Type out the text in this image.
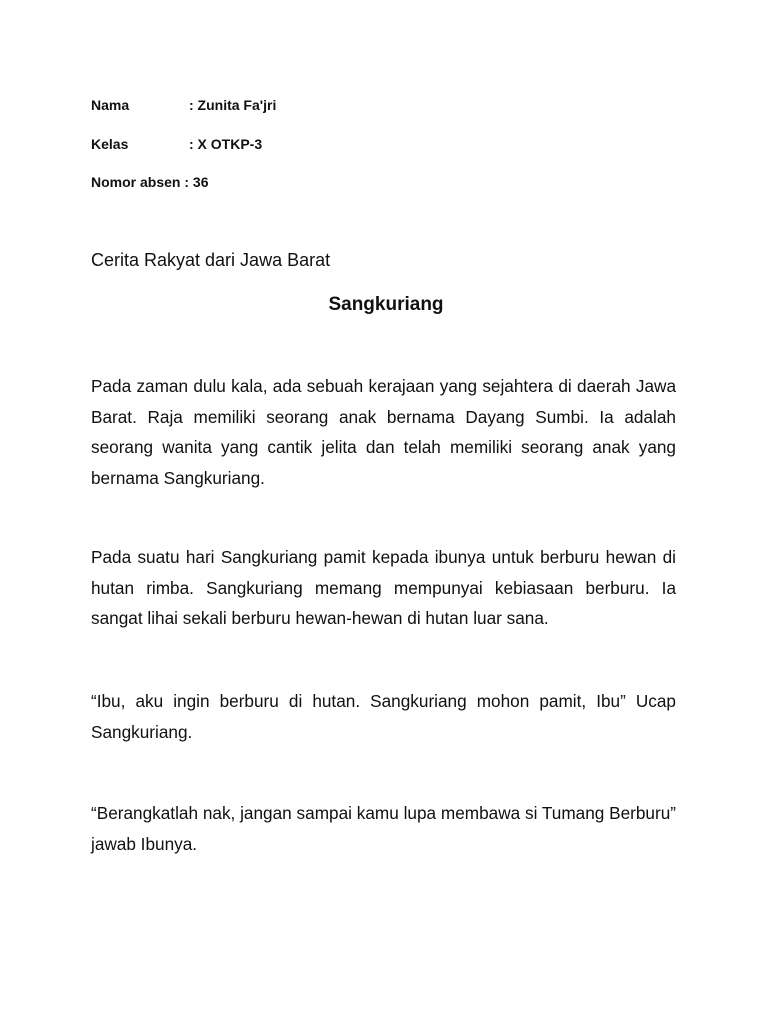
Nama	: Zunita Fa'jri
Kelas	: X OTKP-3
Nomor absen : 36
Cerita Rakyat dari Jawa Barat
Sangkuriang

Pada zaman dulu kala, ada sebuah kerajaan yang sejahtera di daerah Jawa Barat. Raja memiliki seorang anak bernama Dayang Sumbi. Ia adalah seorang wanita yang cantik jelita dan telah memiliki seorang anak yang bernama Sangkuriang.

Pada suatu hari Sangkuriang pamit kepada ibunya untuk berburu hewan di hutan rimba. Sangkuriang memang mempunyai kebiasaan berburu. Ia sangat lihai sekali berburu hewan-hewan di hutan luar sana.

“Ibu, aku ingin berburu di hutan. Sangkuriang mohon pamit, Ibu” Ucap Sangkuriang.

“Berangkatlah nak, jangan sampai kamu lupa membawa si Tumang Berburu” jawab Ibunya.
